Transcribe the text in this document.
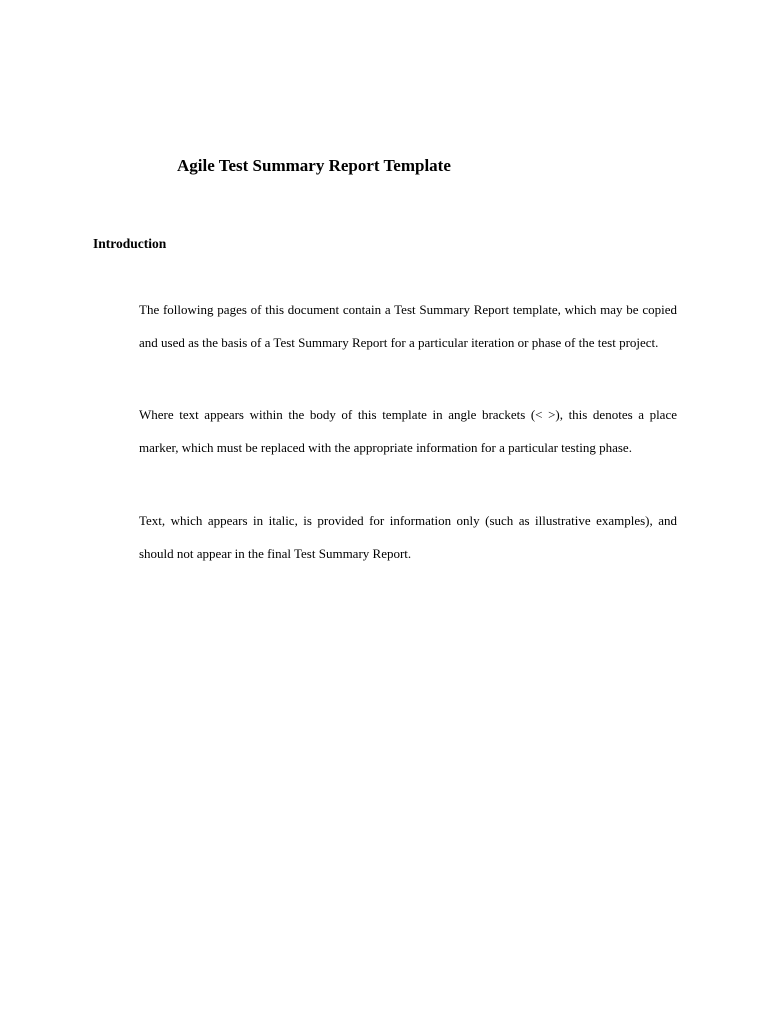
Agile Test Summary Report Template
Introduction

The following pages of this document contain a Test Summary Report template, which may be copied and used as the basis of a Test Summary Report for a particular iteration or phase of the test project.

Where text appears within the body of this template in angle brackets (< >), this denotes a place marker, which must be replaced with the appropriate information for a particular testing phase.

Text, which appears in italic, is provided for information only (such as illustrative examples), and should not appear in the final Test Summary Report.
